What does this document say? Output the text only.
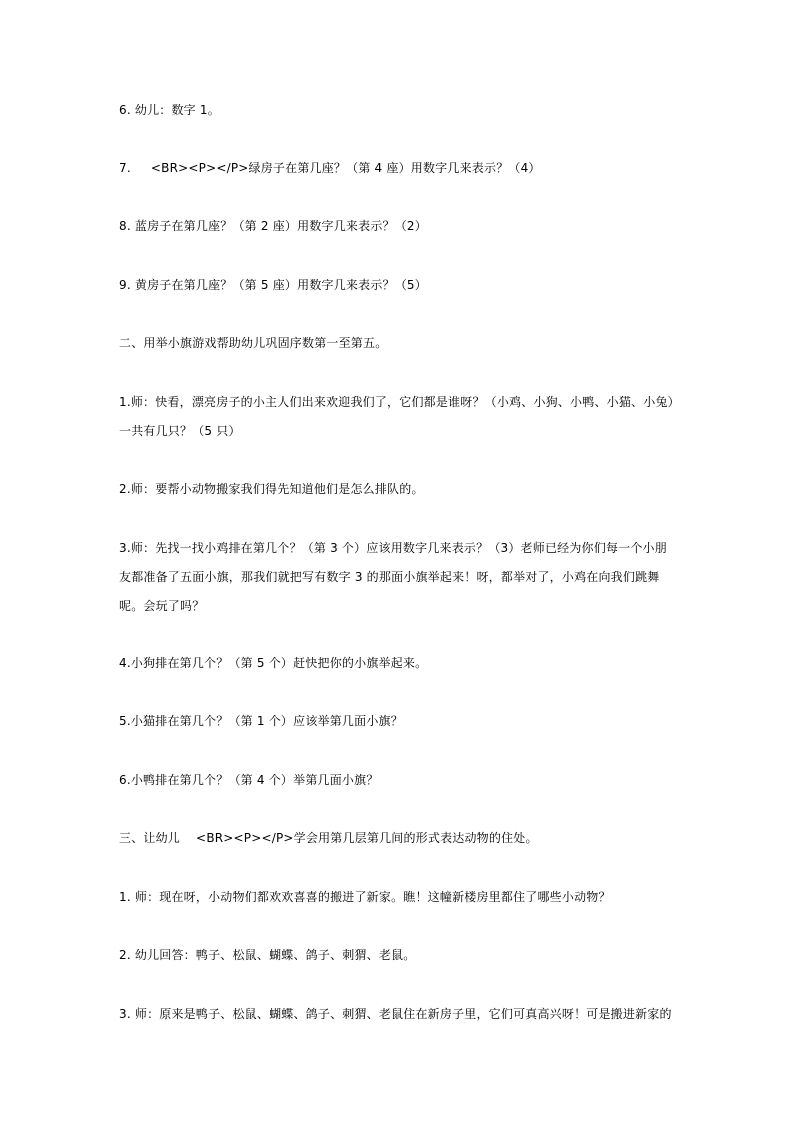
6. 幼儿：数字 1。

7.     <BR><P></P>绿房子在第几座？（第 4 座）用数字几来表示？（4）

8. 蓝房子在第几座？（第 2 座）用数字几来表示？（2）

9. 黄房子在第几座？（第 5 座）用数字几来表示？（5）

二、用举小旗游戏帮助幼儿巩固序数第一至第五。

1.师：快看，漂亮房子的小主人们出来欢迎我们了，它们都是谁呀？（小鸡、小狗、小鸭、小猫、小兔）一共有几只？（5 只）

2.师：要帮小动物搬家我们得先知道他们是怎么排队的。

3.师：先找一找小鸡排在第几个？（第 3 个）应该用数字几来表示？（3）老师已经为你们每一个小朋友都准备了五面小旗，那我们就把写有数字 3 的那面小旗举起来！呀，都举对了，小鸡在向我们跳舞呢。会玩了吗？

4.小狗排在第几个？（第 5 个）赶快把你的小旗举起来。

5.小猫排在第几个？（第 1 个）应该举第几面小旗？

6.小鸭排在第几个？（第 4 个）举第几面小旗？

三、让幼儿    <BR><P></P>学会用第几层第几间的形式表达动物的住处。

1. 师：现在呀，小动物们都欢欢喜喜的搬进了新家。瞧！这幢新楼房里都住了哪些小动物？

2. 幼儿回答：鸭子、松鼠、蝴蝶、鸽子、刺猬、老鼠。

3. 师：原来是鸭子、松鼠、蝴蝶、鸽子、刺猬、老鼠住在新房子里，它们可真高兴呀！可是搬进新家的
